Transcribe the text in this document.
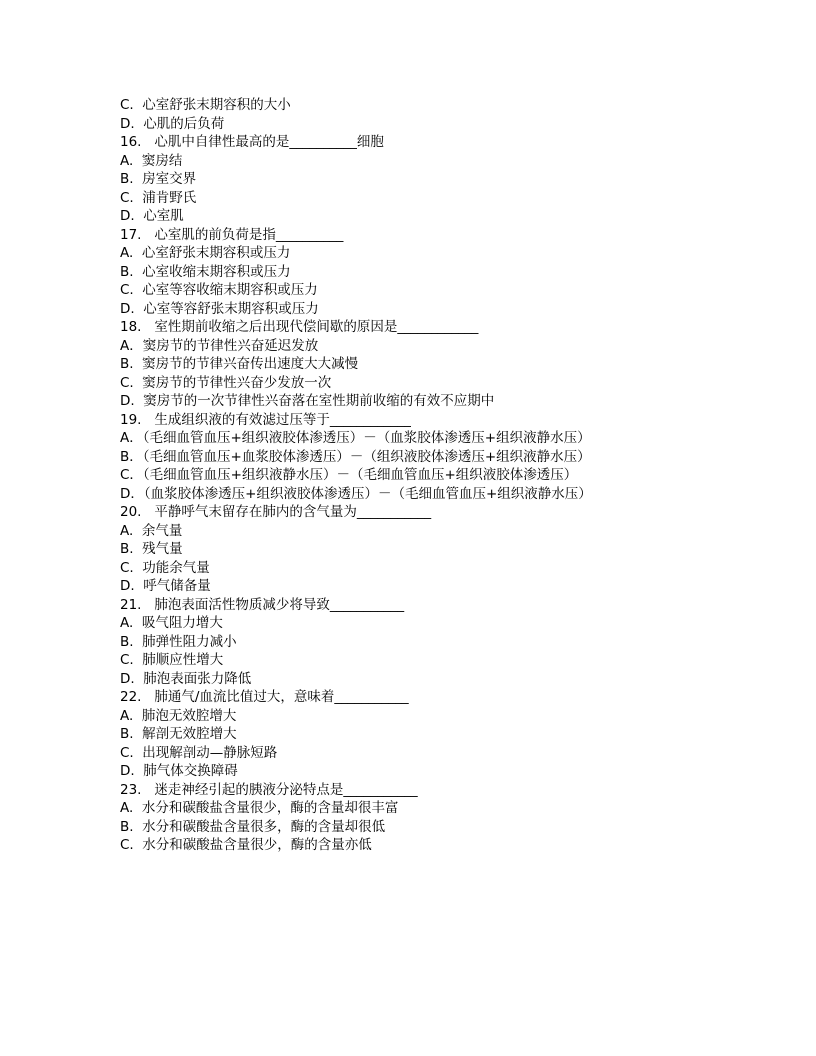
C.  心室舒张末期容积的大小
D.  心肌的后负荷
16.   心肌中自律性最高的是__________细胞
A.  窦房结
B.  房室交界
C.  浦肯野氏
D.  心室肌
17.   心室肌的前负荷是指__________
A.  心室舒张末期容积或压力
B.  心室收缩末期容积或压力
C.  心室等容收缩末期容积或压力
D.  心室等容舒张末期容积或压力
18.   室性期前收缩之后出现代偿间歇的原因是____________
A．窦房节的节律性兴奋延迟发放
B.  窦房节的节律兴奋传出速度大大减慢
C.  窦房节的节律性兴奋少发放一次
D.  窦房节的一次节律性兴奋落在室性期前收缩的有效不应期中
19.   生成组织液的有效滤过压等于____________
A．（毛细血管血压+组织液胶体渗透压）－（血浆胶体渗透压+组织液静水压）
B．（毛细血管血压+血浆胶体渗透压）－（组织液胶体渗透压+组织液静水压）
C．（毛细血管血压+组织液静水压）－（毛细血管血压+组织液胶体渗透压）
D．（血浆胶体渗透压+组织液胶体渗透压）－（毛细血管血压+组织液静水压）
20.   平静呼气末留存在肺内的含气量为___________
A.  余气量
B.  残气量
C.  功能余气量
D.  呼气储备量
21.   肺泡表面活性物质减少将导致___________
A.  吸气阻力增大
B.  肺弹性阻力减小
C.  肺顺应性增大
D.  肺泡表面张力降低
22.   肺通气/血流比值过大，意味着___________
A.  肺泡无效腔增大
B.  解剖无效腔增大
C.  出现解剖动—静脉短路
D.  肺气体交换障碍
23.   迷走神经引起的胰液分泌特点是___________
A.  水分和碳酸盐含量很少，酶的含量却很丰富
B.  水分和碳酸盐含量很多，酶的含量却很低
C.  水分和碳酸盐含量很少，酶的含量亦低
